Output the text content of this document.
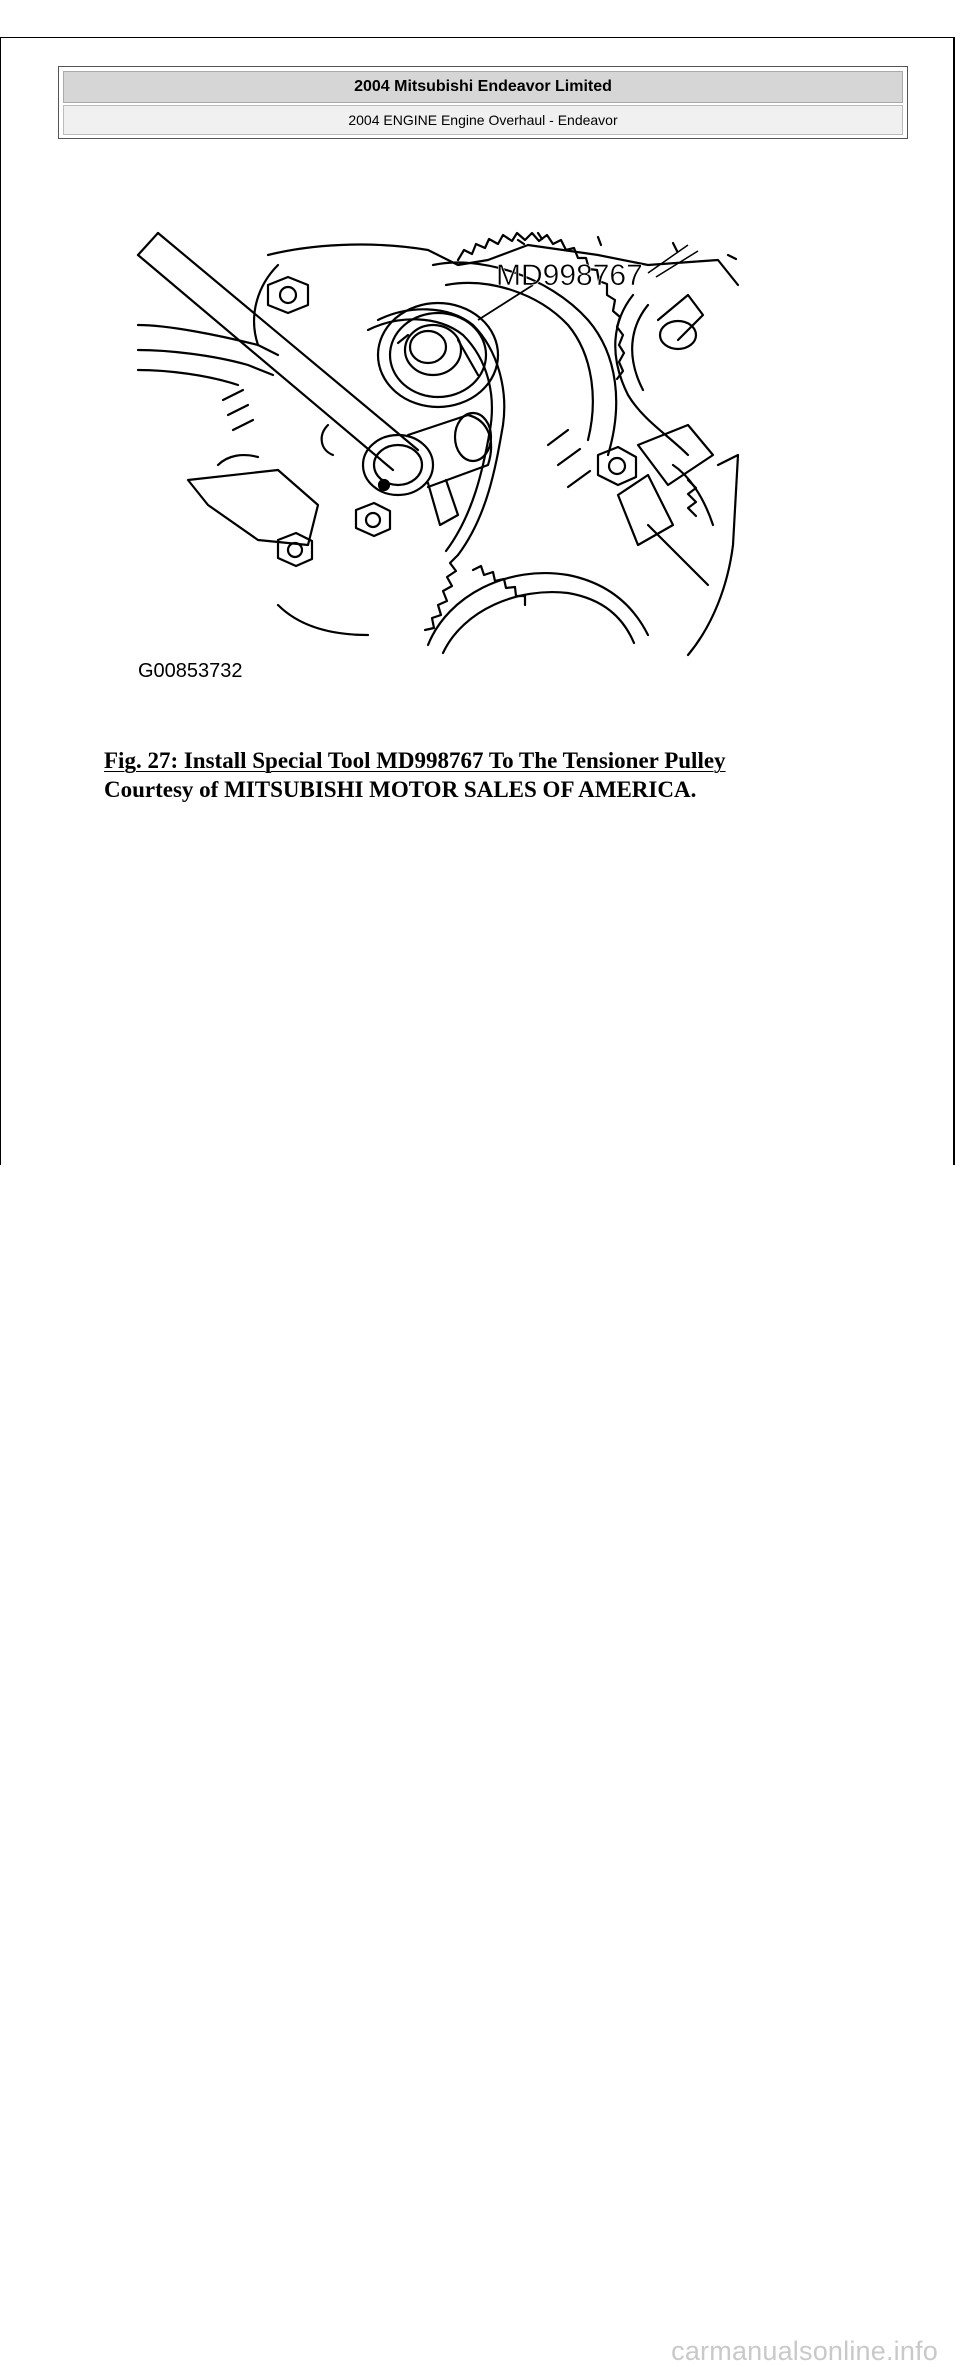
2004 Mitsubishi Endeavor Limited
2004 ENGINE Engine Overhaul - Endeavor
MD998767
G00853732
Fig. 27: Install Special Tool MD998767 To The Tensioner Pulley
Courtesy of MITSUBISHI MOTOR SALES OF AMERICA.
carmanualsonline.info
